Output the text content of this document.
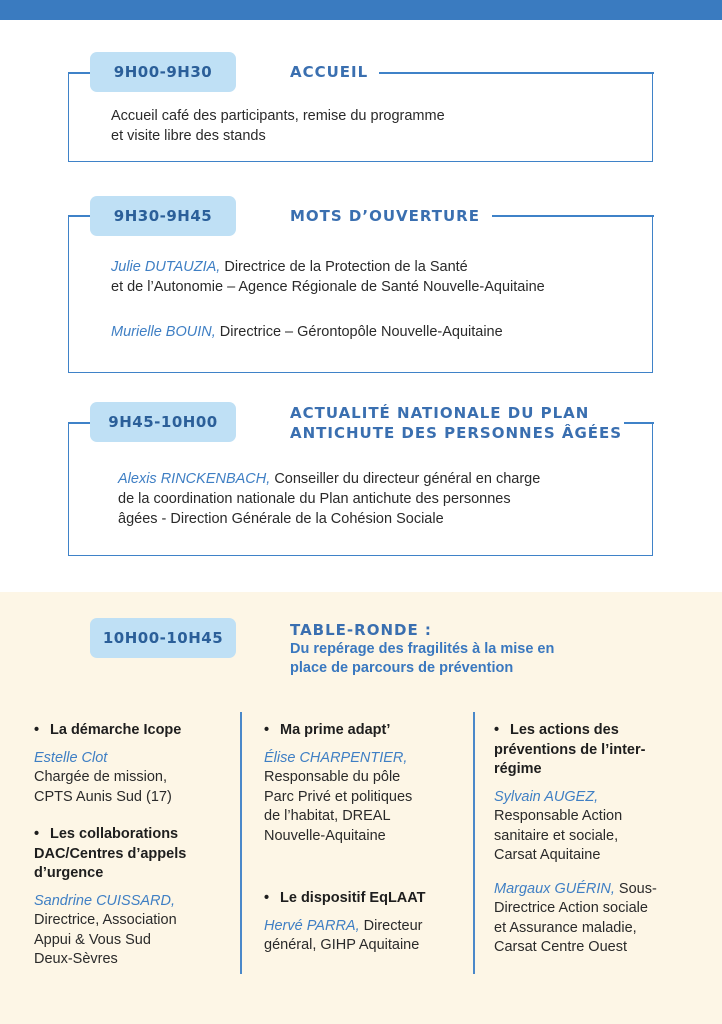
9H00-9H30	ACCUEIL
Accueil café des participants, remise du programme
et visite libre des stands
9H30-9H45	MOTS D’OUVERTURE
Julie DUTAUZIA, Directrice de la Protection de la Santé
et de l’Autonomie – Agence Régionale de Santé Nouvelle-Aquitaine
Murielle BOUIN, Directrice – Gérontopôle Nouvelle-Aquitaine
9H45-10H00	ACTUALITÉ NATIONALE DU PLAN
ANTICHUTE DES PERSONNES ÂGÉES
Alexis RINCKENBACH, Conseiller du directeur général en charge
de la coordination nationale du Plan antichute des personnes
âgées - Direction Générale de la Cohésion Sociale
10H00-10H45	TABLE-RONDE :
Du repérage des fragilités à la mise en
place de parcours de prévention
• La démarche Icope
Estelle Clot
Chargée de mission,
CPTS Aunis Sud (17)
• Les collaborations
DAC/Centres d’appels
d’urgence
Sandrine CUISSARD,
Directrice, Association
Appui & Vous Sud
Deux-Sèvres
• Ma prime adapt’
Élise CHARPENTIER,
Responsable du pôle
Parc Privé et politiques
de l’habitat, DREAL
Nouvelle-Aquitaine
• Le dispositif EqLAAT
Hervé PARRA, Directeur
général, GIHP Aquitaine
• Les actions des
préventions de l’inter-
régime
Sylvain AUGEZ,
Responsable Action
sanitaire et sociale,
Carsat Aquitaine
Margaux GUÉRIN, Sous-
Directrice Action sociale
et Assurance maladie,
Carsat Centre Ouest
